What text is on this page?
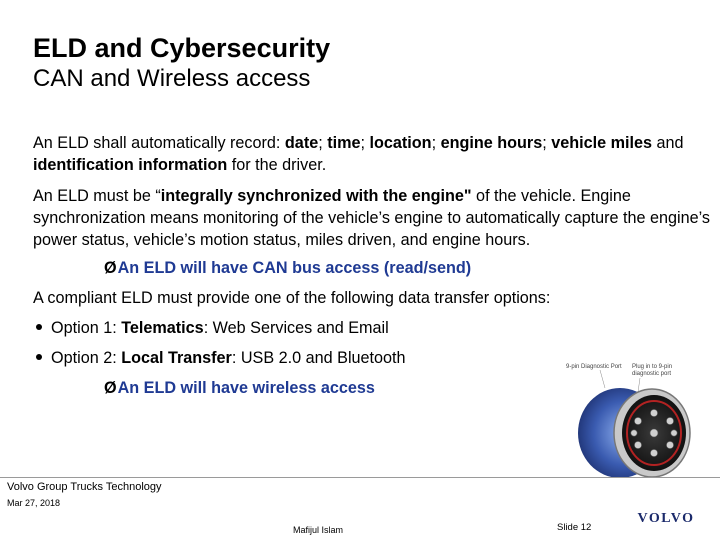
ELD and Cybersecurity
CAN and Wireless access
An ELD shall automatically record: date; time; location; engine hours; vehicle miles and identification information for the driver.
An ELD must be “integrally synchronized with the engine" of the vehicle. Engine synchronization means monitoring of the vehicle’s engine to automatically capture the engine’s power status, vehicle’s motion status, miles driven, and engine hours.
ØAn ELD will have CAN bus access (read/send)
A compliant ELD must provide one of the following data transfer options:
Option 1: Telematics: Web Services and Email
Option 2: Local Transfer: USB 2.0 and Bluetooth
ØAn ELD will have wireless access
9-pin Diagnostic Port Plug in to 9-pin
diagnostic port
Volvo Group Trucks Technology
Mar 27, 2018
Mafijul Islam	Slide 12
VOLVO
